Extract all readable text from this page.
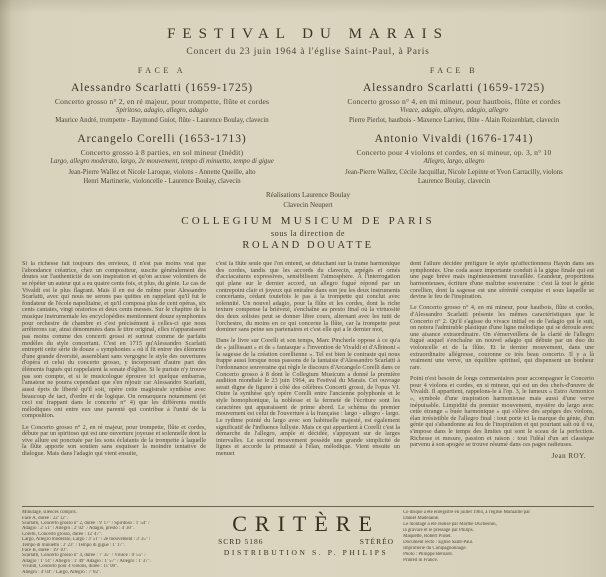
FESTIVAL DU MARAIS
Concert du 23 juin 1964 à l'église Saint-Paul, à Paris
FACE A
Alessandro Scarlatti (1659-1725)
Concerto grosso n° 2, en ré majeur, pour trompette, flûte et cordes
Spiritoso, adagio, allegro, adagio
Maurice André, trompette - Raymond Guiot, flûte - Laurence Boulay, clavecin
Arcangelo Corelli (1653-1713)
Concerto grosso à 8 parties, en sol mineur (Inédit)
Largo, allegro moderato, largo, 2e mouvement, tempo di minuetto, tempo di gigue
Jean-Pierre Wallez et Nicole Laroque, violons - Annette Queille, alto
Henri Martinerie, violoncelle - Laurence Boulay, clavecin
FACE B
Alessandro Scarlatti (1659-1725)
Concerto grosso n° 4, en mi mineur, pour hautbois, flûte et cordes
Vivace, adagio, allegro, adagio, allegro
Pierre Pierlot, hautbois - Maxence Larrieu, flûte - Alain Roizenblatt, clavecin
Antonio Vivaldi (1676-1741)
Concerto pour 4 violons et cordes, en si mineur, op. 3, n° 10
Allegro, largo, allegro
Jean-Pierre Wallez, Cécile Jacquillat, Nicole Lepinte et Yvon Carracilly, violons
Laurence Boulay, clavecin
Réalisations Laurence Boulay
Clavecin Neupert
COLLEGIUM MUSICUM DE PARIS
sous la direction de
ROLAND DOUATTE
Si la richesse fait toujours des envieux, il n'est pas moins vrai que l'abondance créatrice, chez un compositeur, suscite généralement des doutes sur l'authenticité de son inspiration et qu'on accuse volontiers de se répéter un auteur qui a eu quatre cents fois, et plus, du génie. Le cas de Vivaldi est le plus flagrant. Mais il en est de même pour Alessandro Scarlatti, avec qui nous ne serons pas quittes en rappelant qu'il fut le fondateur de l'école napolitaine, et qu'il composa plus de cent opéras, six cents cantates, vingt oratorios et deux cents messes. Sur le chapitre de la musique instrumentale les encyclopédies mentionnent douze symphonies pour orchestre de chambre et c'est précisément à celles-ci que nous arrêterons car, ainsi dénommées dans le titre original, elles n'apparaissent pas moins comme des concerti grossi et surtout comme de parfaits modèles du style concertant. C'est en 1715 qu'Alessandro Scarlatti entreprit cette série de douze « symphonies » où il fit entrer des éléments d'une grande diversité, assemblant sans vergogne le style des ouvertures d'opéra et celui du concerto grosso, y incorporant d'autre part des éléments fugués qui rappelaient la sonate d'église. Si le puriste n'y trouve pas son compte, et si le musicologue éprouve ici quelque embarras, l'amateur ne pourra cependant que s'en réjouir car Alessandro Scarlatti, aussi épris de liberté qu'il soit, opère cette magistrale synthèse avec beaucoup de tact, d'ordre et de logique. On remarquera notamment (et ceci est frappant dans le concerto n° 4) que les différents motifs mélodiques ont entre eux une parenté qui contribue à l'unité de la composition.
Le Concerto grosso n° 2, en ré majeur, pour trompette, flûte et cordes, débute par un spiritoso qui est une ouverture joyeuse et solennelle dont la vive allure est ponctuée par les sons éclatants de la trompette à laquelle la flûte apporte son soutien sans esquisser la moindre tentative de dialogue. Mais dans l'adagio qui vient ensuite,
c'est la flûte seule que l'on entend, se détachant sur la trame harmonique des cordes, tandis que les accords du clavecin, arpégés et ornés d'acciacatures expressives, sensibilisent l'atmosphère. À l'interrogation qui plane sur le dernier accord, un allegro fugué répond par un contrepoint clair et joyeux qui entraîne dans son jeu les deux instruments concertants, cédant toutefois le pas à la trompette qui conclut avec solennité. Un nouvel adagio, pour la flûte et les cordes, dont la riche texture compense la brièveté, s'enchaîne au presto final où la virtuosité des deux solistes peut se donner libre cours, alternant avec les tutti de l'orchestre, du moins en ce qui concerne la flûte, car la trompette peut dominer sans peine ses partenaires et c'est elle qui a le dernier mot,
Dans le livre sur Corelli et son temps, Marc Pincherle oppose à ce qu'a de « jaillissant » et de « fantasque » l'invention de Vivaldi et d'Albinoni « la sagesse de la création corellienne ». Tel est bien le contraste qui nous frappe aussi lorsque nous passons de la fantaisie d'Alessandro Scarlatti à l'ordonnance souveraine qui règle le discours d'Arcangelo Corelli dans ce Concerto grosso à 8 dont le Collegium Musicum a donné la première audition mondiale le 23 juin 1964, au Festival du Marais. Cet ouvrage serait digne de figurer à côté des célèbres Concerti grossi, de l'opus VI. Outre la synthèse qu'y opère Corelli entre l'ancienne polyphonie et le style homophonique, la noblesse et la fermeté de l'écriture sont les caractères qui apparaissent de prime abord. Le schéma du premier mouvement est celui de l'ouverture à la française : largo - allegro - largo. Le rythme pointé du largo avec son habituelle majesté, est également significatif de l'influence lullyste. Mais ce qui appartient à Corelli c'est la démarche de l'allegro, ample et décidée, s'appuyant sur de larges intervalles. Le second mouvement possède une grande simplicité de lignes et accorde la primauté à l'élan, mélodique. Vient ensuite un menuet
dont l'allure décidée préfigure le style qu'affectionnera Haydn dans ses symphonies. Une coda assez importante conduit à la gigue finale qui est une page brève mais ingénieusement travaillée. Grandeur, proportions harmonieuses, écriture d'une maîtrise souveraine : c'est là tout le génie corellien, dont la sagesse est une sérénité conquise et sous laquelle se devine le feu de l'inspiration.
Le Concerto grosso n° 4, en mi mineur, pour hautbois, flûte et cordes, d'Alessandro Scarlatti présente les mêmes caractéristiques que le Concerto n° 2. Qu'il s'agisse du vivace initial ou de l'adagio qui le suit, on notera l'admirable plastique d'une ligne mélodique qui se déroule avec une aisance extraordinaire. On s'émerveillera de la clarté de l'allegro fugué auquel s'enchaîne un nouvel adagio qui débute par un duo du violoncelle et de la flûte. Et le dernier mouvement, dans une extraordinaire allégresse, couronne ce très beau concerto. Il y a là vraiment une verve, un équilibre spirituel, qui dispensent un bonheur rare.
Point n'est besoin de longs commentaires pour accompagner le Concerto pour 4 violons et cordes, en si mineur, qui est un des chefs-d'œuvre de Vivaldi. Il appartient, rappelons-le à l'op. 3, le fameux « Estro Armonico », symbole d'une inspiration harmonieuse mais aussi d'une verve inépuisable. Limpidité du premier mouvement, mystère du largo avec cette étrange « buée harmonique » qui s'élève des arpèges des violons, élan irrésistible de l'allegro final : tout porte ici la marque du génie, d'un génie qui s'abandonne au feu de l'inspiration et qui pourtant sait où il va, s'impose dans le temps des limites qui sont le sceau de la perfection. Richesse et mesure, passion et raison : tout l'idéal d'un art classique parvenu à son apogée se trouve résumé dans ces pages radieuses.
Jean ROY.
Minutage, silences compris.
Face A, durée : 22' 12".
Scarlatti, Concerto grosso n° 2, durée : 9' 17" / Spiritoso : 1' 54" /
Adagio : 2' 51" / Allegro : 2' 02" / Adagio, presto : 4' 30".
Corelli, Concerto grosso, durée : 12' 47".
Largo, Allegro moderato, Largo : 3' 51" / 2e mouvement : 3' 35" /
Tempo di minuetto : 2' 23" / Tempo di gigue : 1' 17".
Face B, durée : 19' 10".
Scarlatti, Concerto grosso n° 4, durée : 7' 35" / Vivace : 0' 55" /
Adagio : 1' 14" / Allegro : 1' 49" Adagio : 1' 57" / Allegro : 1' 37".
Vivaldi, Concerto pour 4 violons, durée : 11' 00".
Allegro : 4' 04" / Largo, Allegro : 7' 02".
CRITÈRE
SCRD 5186	STÉRÉO
DISTRIBUTION S. P. PHILIPS
Ce disque a été enregistré en juillet 1964, à l'église Mutualité par
Daniel Madelaine.
Le montage a été réalisé par Marthe Duchesnin,
la gravure et le pressage par Philips.
Maquette, Robert Pinset.
Document recto : Église Saint-Paul.
Imprimerie du Compagnonnage.
Photo : Philippe Bernard.
Printed in France.
